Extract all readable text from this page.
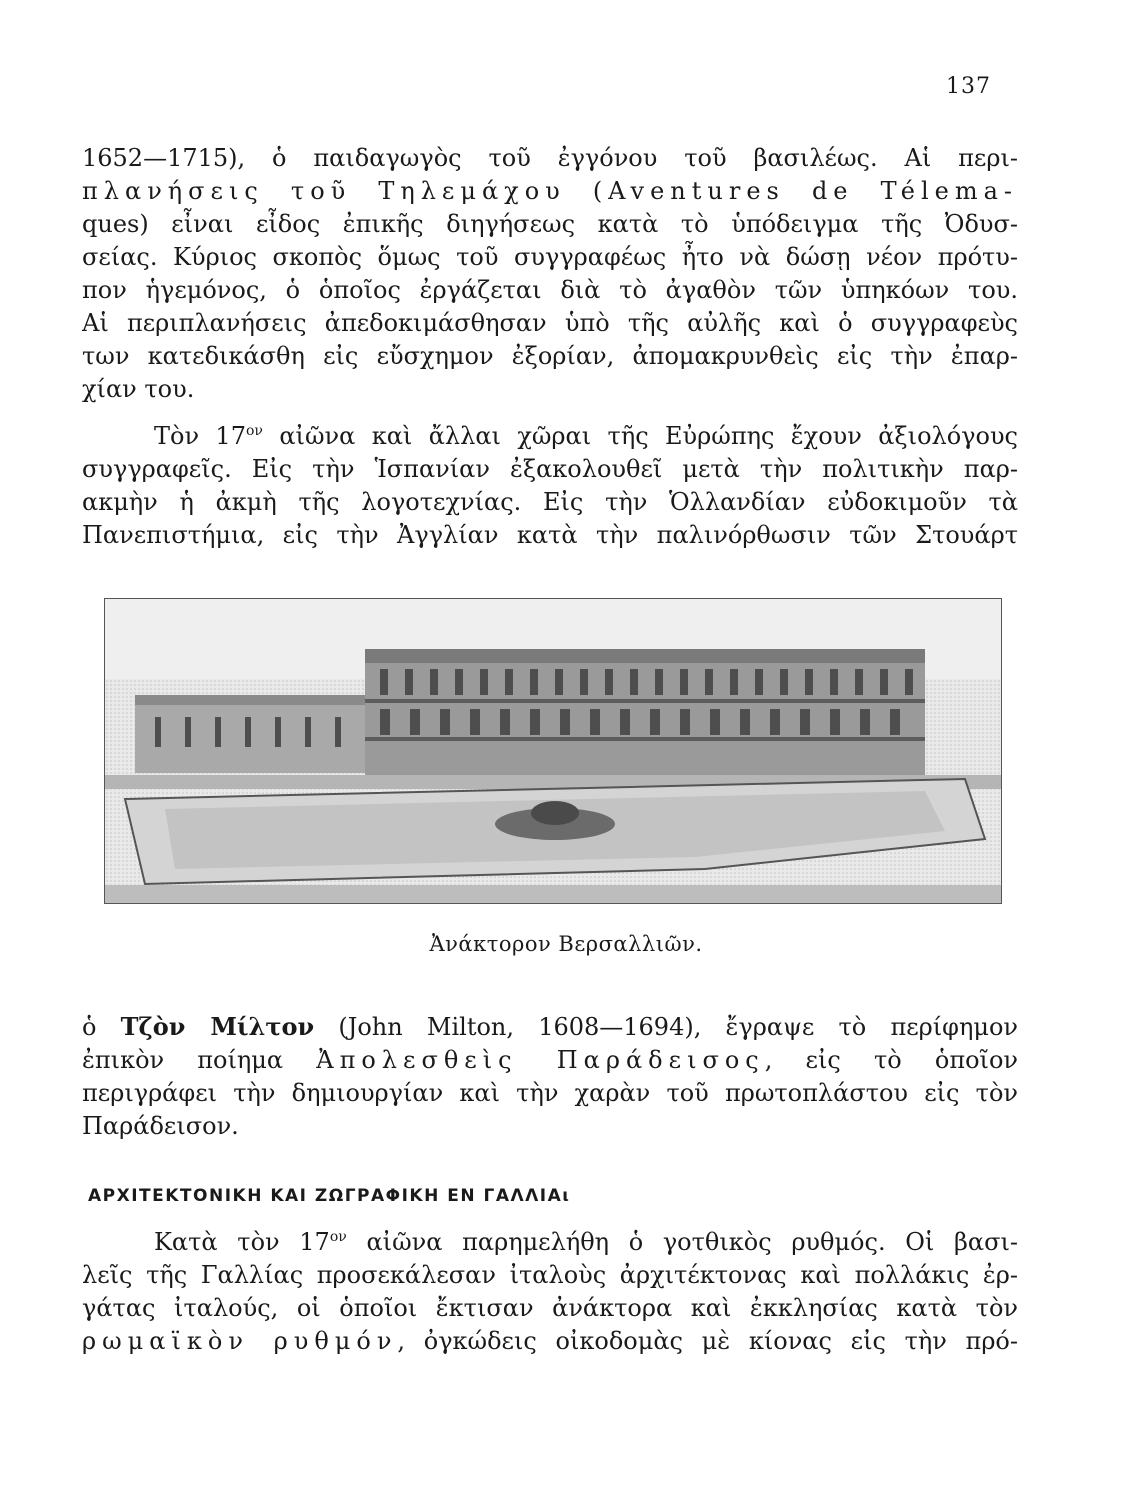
137
1652—1715), ὁ παιδαγωγὸς τοῦ ἐγγόνου τοῦ βασιλέως. Αἱ περι-
πλανήσεις τοῦ Τηλεμάχου (Aventures de Télema-
ques) εἶναι εἶδος ἐπικῆς διηγήσεως κατὰ τὸ ὑπόδειγμα τῆς Ὀδυσ-
σείας. Κύριος σκοπὸς ὅμως τοῦ συγγραφέως ἦτο νὰ δώσῃ νέον πρότυ-
πον ἡγεμόνος, ὁ ὁποῖος ἐργάζεται διὰ τὸ ἀγαθὸν τῶν ὑπηκόων του.
Αἱ περιπλανήσεις ἀπεδοκιμάσθησαν ὑπὸ τῆς αὐλῆς καὶ ὁ συγγραφεὺς
των κατεδικάσθη εἰς εὔσχημον ἐξορίαν, ἀπομακρυνθεὶς εἰς τὴν ἐπαρ-
χίαν του.
Τὸν $17^{o\nu}$ αἰῶνα καὶ ἄλλαι χῶραι τῆς Εὐρώπης ἔχουν ἀξιολόγους
συγγραφεῖς. Εἰς τὴν Ἱσπανίαν ἐξακολουθεῖ μετὰ τὴν πολιτικὴν παρ-
ακμὴν ἡ ἀκμὴ τῆς λογοτεχνίας. Εἰς τὴν Ὁλλανδίαν εὐδοκιμοῦν τὰ
Πανεπιστήμια, εἰς τὴν Ἀγγλίαν κατὰ τὴν παλινόρθωσιν τῶν Στουάρτ
Ἀνάκτορον Βερσαλλιῶν.
ὁ Τζὸν Μίλτον (John Milton, 1608—1694), ἔγραψε τὸ περίφημον
ἐπικὸν ποίημα Ἀπολεσθεὶς Παράδεισος, εἰς τὸ ὁποῖον
περιγράφει τὴν δημιουργίαν καὶ τὴν χαρὰν τοῦ πρωτοπλάστου εἰς τὸν
Παράδεισον.
ΑΡΧΙΤΕΚΤΟΝΙΚΗ ΚΑΙ ΖΩΓΡΑΦΙΚΗ ΕΝ ΓΑΛΛΙΑι
Κατὰ τὸν $17^{o\nu}$ αἰῶνα παρημελήθη ὁ γοτθικὸς ρυθμός. Οἱ βασι-
λεῖς τῆς Γαλλίας προσεκάλεσαν ἰταλοὺς ἀρχιτέκτονας καὶ πολλάκις ἐρ-
γάτας ἰταλούς, οἱ ὁποῖοι ἔκτισαν ἀνάκτορα καὶ ἐκκλησίας κατὰ τὸν
ρωμαϊκὸν ρυθμόν, ὀγκώδεις οἰκοδομὰς μὲ κίονας εἰς τὴν πρό-
